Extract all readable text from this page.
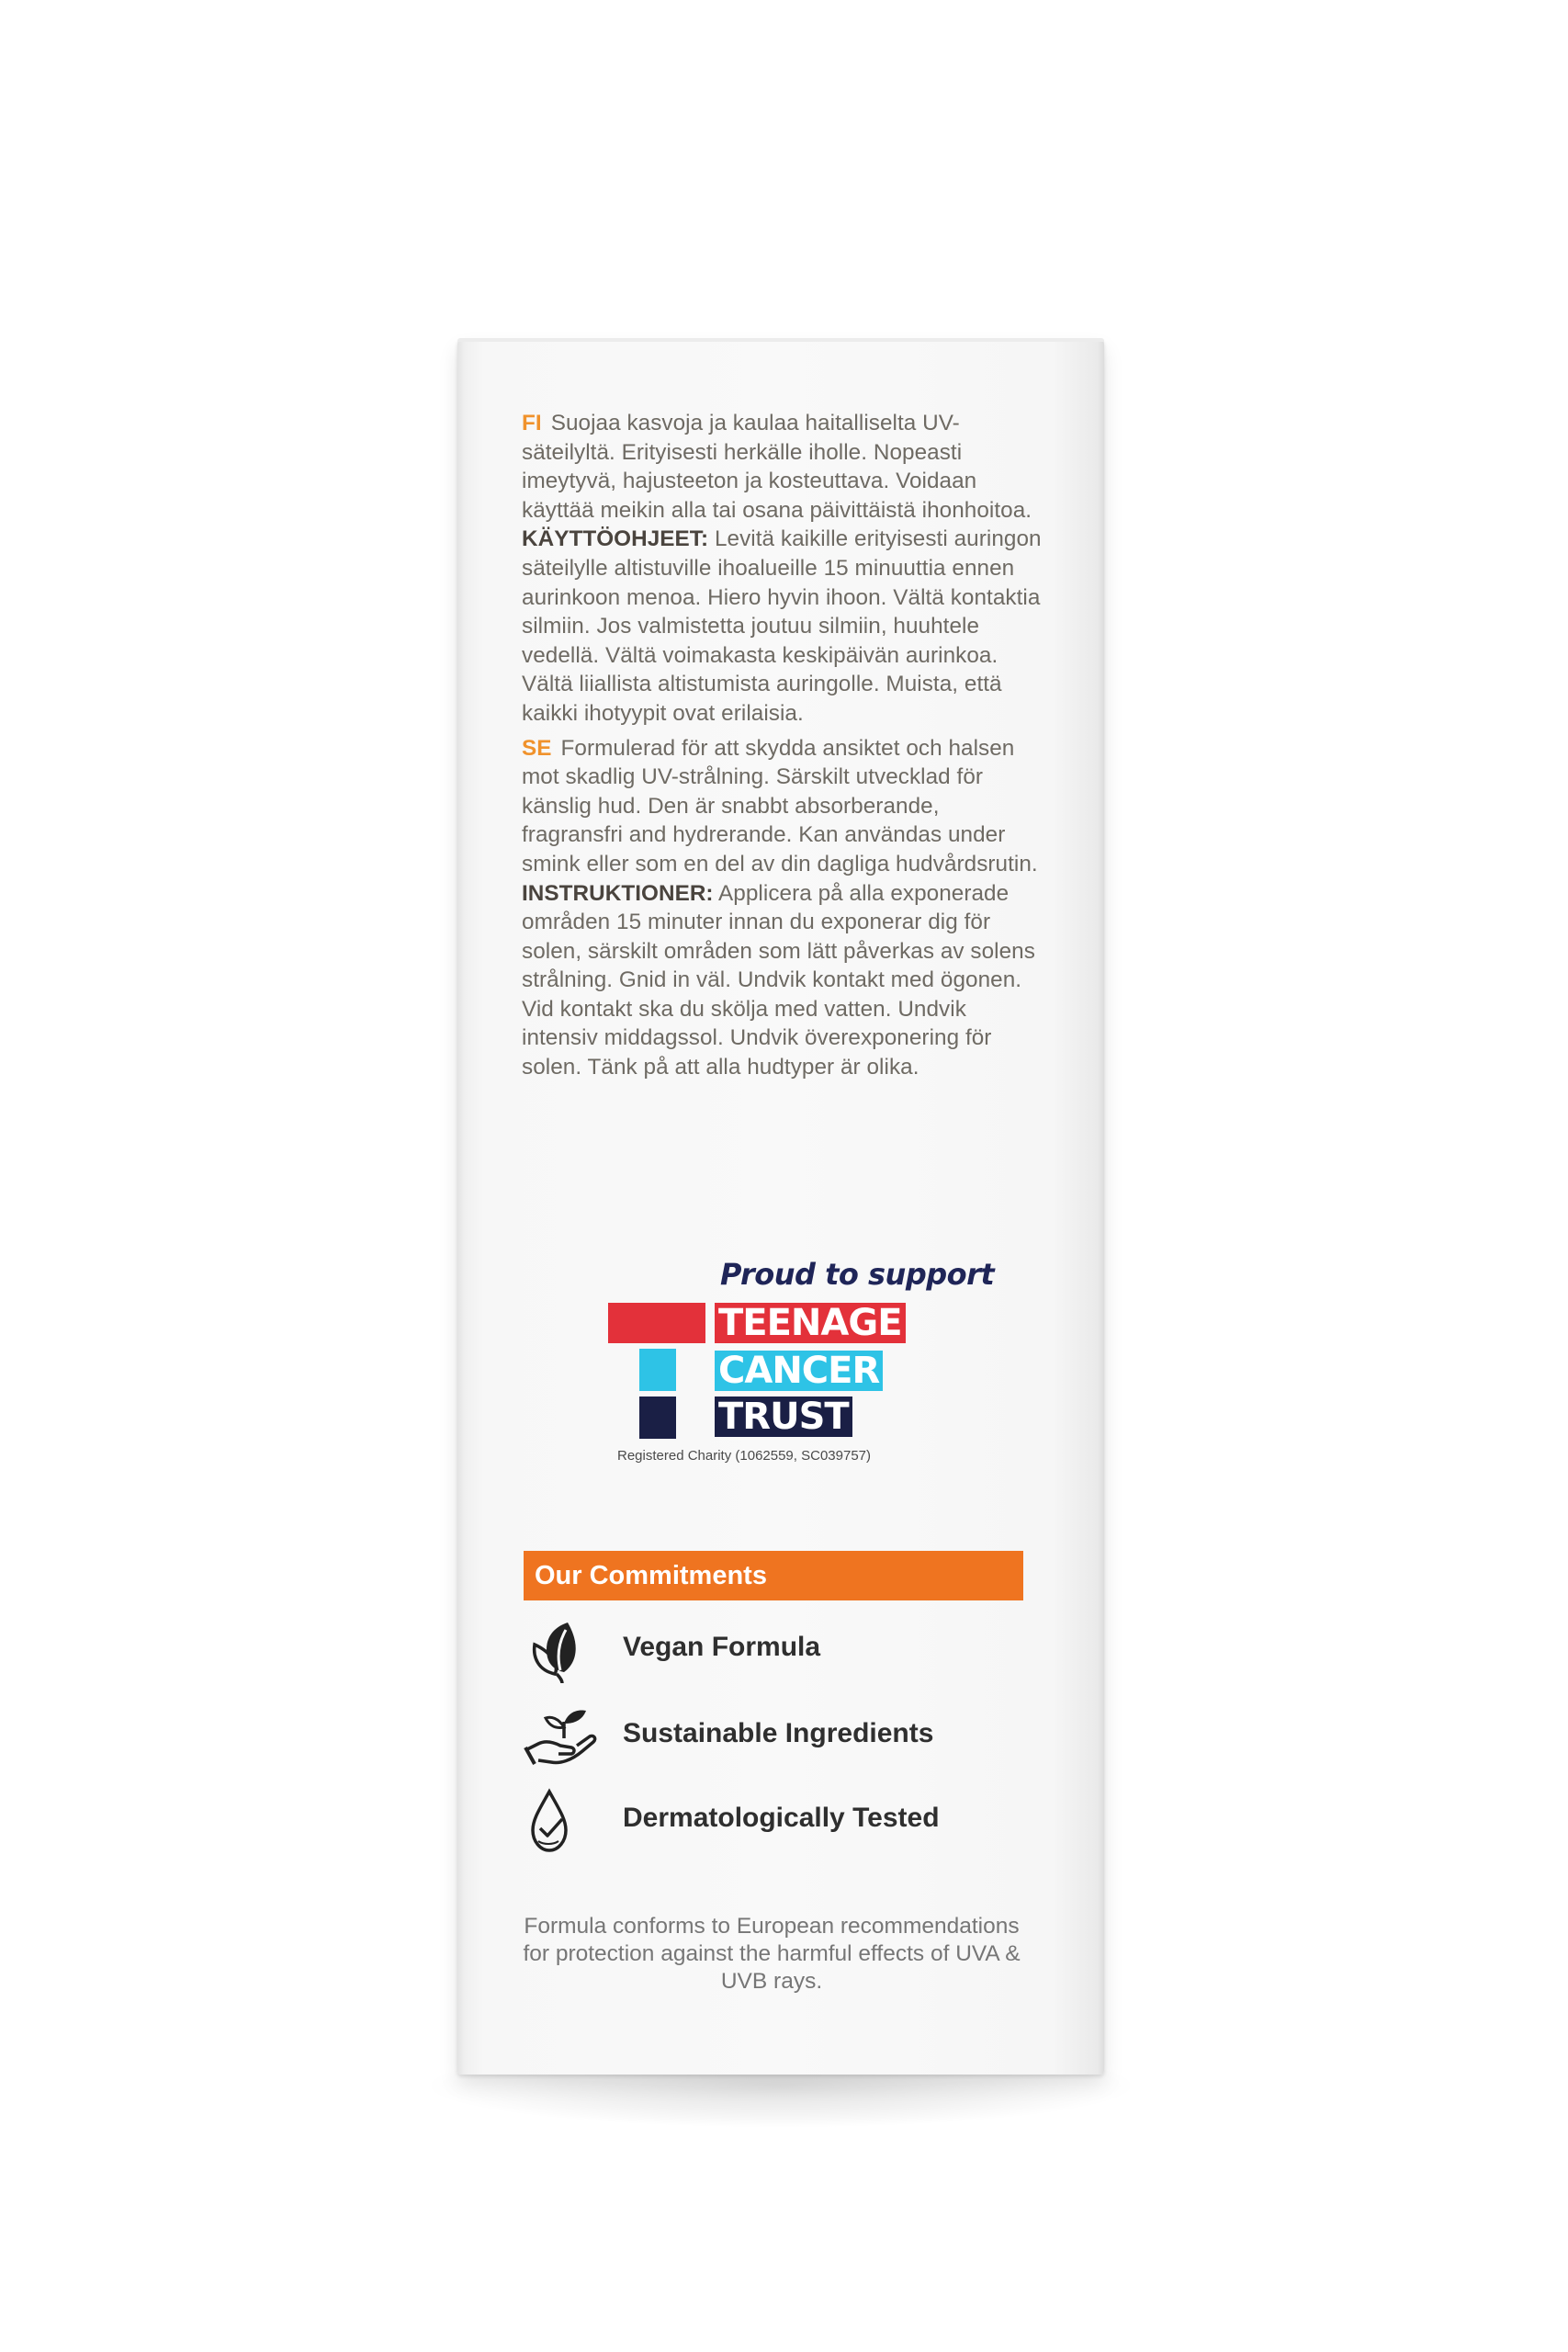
FI Suojaa kasvoja ja kaulaa haitalliselta UV-säteilyltä. Erityisesti herkälle iholle. Nopeasti imeytyvä, hajusteeton ja kosteuttava. Voidaan käyttää meikin alla tai osana päivittäistä ihonhoitoa. KÄYTTÖOHJEET: Levitä kaikille erityisesti auringon säteilylle altistuville ihoalueille 15 minuuttia ennen aurinkoon menoa. Hiero hyvin ihoon. Vältä kontaktia silmiin. Jos valmistetta joutuu silmiin, huuhtele vedellä. Vältä voimakasta keskipäivän aurinkoa. Vältä liiallista altistumista auringolle. Muista, että kaikki ihotyypit ovat erilaisia.

SE Formulerad för att skydda ansiktet och halsen mot skadlig UV-strålning. Särskilt utvecklad för känslig hud. Den är snabbt absorberande, fragransfri and hydrerande. Kan användas under smink eller som en del av din dagliga hudvårdsrutin. INSTRUKTIONER: Applicera på alla exponerade områden 15 minuter innan du exponerar dig för solen, särskilt områden som lätt påverkas av solens strålning. Gnid in väl. Undvik kontakt med ögonen. Vid kontakt ska du skölja med vatten. Undvik intensiv middagssol. Undvik överexponering för solen. Tänk på att alla hudtyper är olika.

Proud to support
TEENAGE
CANCER
TRUST
Registered Charity (1062559, SC039757)
Our Commitments
Vegan Formula
Sustainable Ingredients
Dermatologically Tested
Formula conforms to European recommendations for protection against the harmful effects of UVA & UVB rays.
